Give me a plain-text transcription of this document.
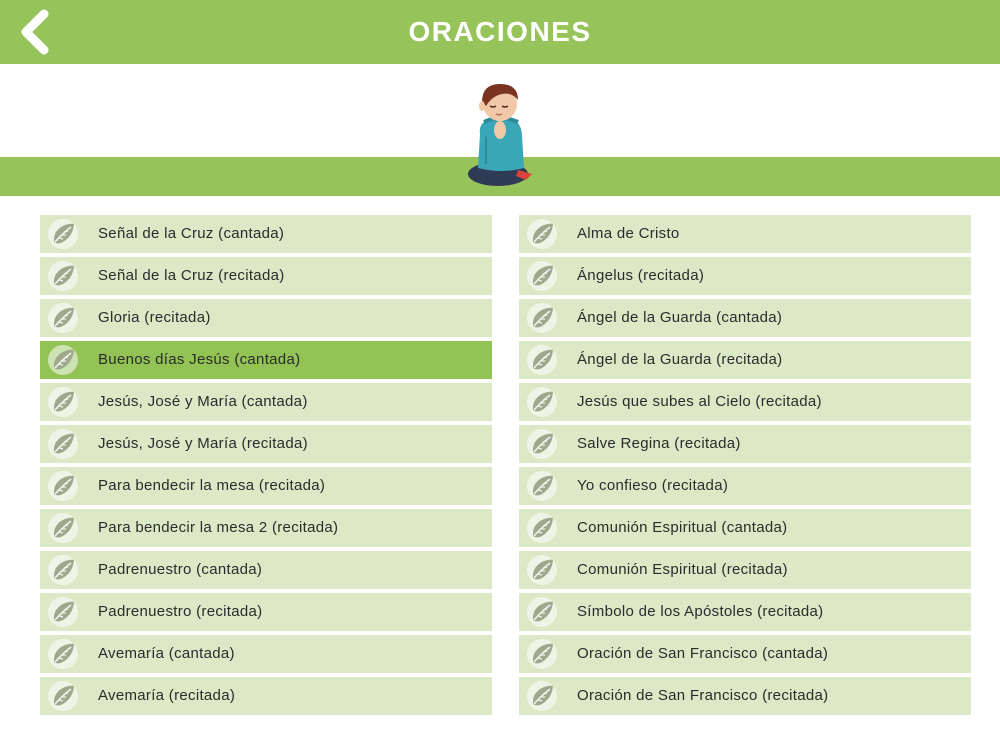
ORACIONES
Señal de la Cruz (cantada)
Señal de la Cruz (recitada)
Gloria (recitada)
Buenos días Jesús (cantada)
Jesús, José y María (cantada)
Jesús, José y María (recitada)
Para bendecir la mesa (recitada)
Para bendecir la mesa 2 (recitada)
Padrenuestro (cantada)
Padrenuestro (recitada)
Avemaría (cantada)
Avemaría (recitada)
Alma de Cristo
Ángelus (recitada)
Ángel de la Guarda (cantada)
Ángel de la Guarda (recitada)
Jesús que subes al Cielo (recitada)
Salve Regina (recitada)
Yo confieso (recitada)
Comunión Espiritual (cantada)
Comunión Espiritual (recitada)
Símbolo de los Apóstoles (recitada)
Oración de San Francisco (cantada)
Oración de San Francisco (recitada)
